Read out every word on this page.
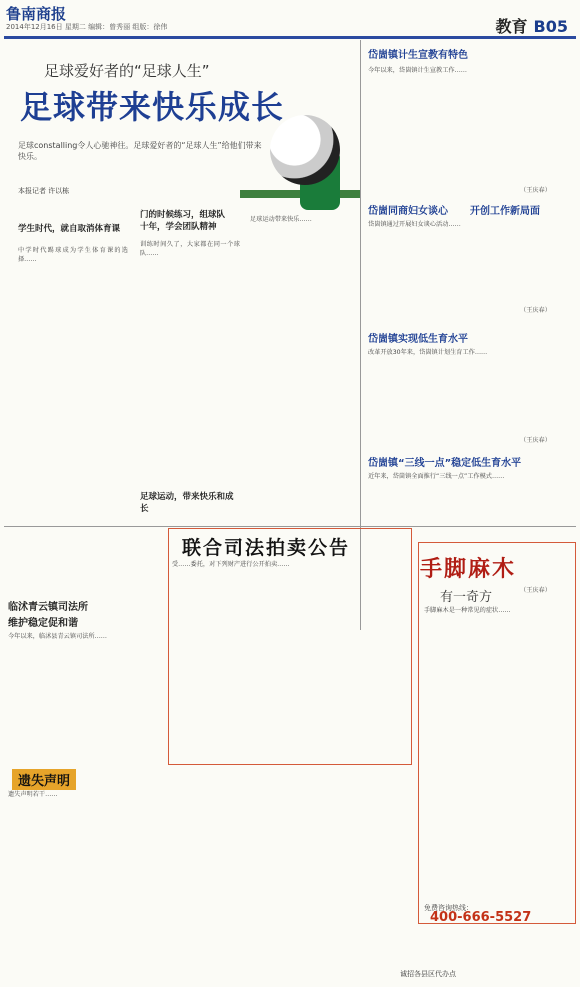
鲁南商报
2014年12月16日 星期二 编辑：曾秀丽 组版：徐伟	教育 B05
足球爱好者的“足球人生”
足球带来快乐成长
足球constalling令人心驰神往。足球爱好者的“足球人生”给他们带来快乐。
本报记者 许以栋
学生时代，就自取消体育课
中学时代踢球成为学生体育课的选择……
门的时候练习，组球队十年，学会团队精神
训练时间久了，大家都在同一个球队……
足球运动，带来快乐和成长
足球运动带来快乐……
岱崮镇计生宣教有特色
今年以来，岱崮镇计生宣教工作……
（王庆春）
岱崮同商妇女谈心 开创工作新局面
岱崮镇通过开展妇女谈心活动……
（王庆春）
岱崮镇实现低生育水平
改革开放30年来，岱崮镇计划生育工作……
（王庆春）
岱崮镇“三线一点”稳定低生育水平
近年来，岱崮镇全面推行“三线一点”工作模式……
（王庆春）
临沭青云镇司法所
维护稳定促和谐
今年以来，临沭县青云镇司法所……
联合司法拍卖公告
受……委托，对下列财产进行公开拍卖……	手脚麻木
有一奇方
手脚麻木是一种常见的症状……
免费咨询热线：
400-666-5527
遗失声明
遗失声明若干……
诚招各县区代办点
